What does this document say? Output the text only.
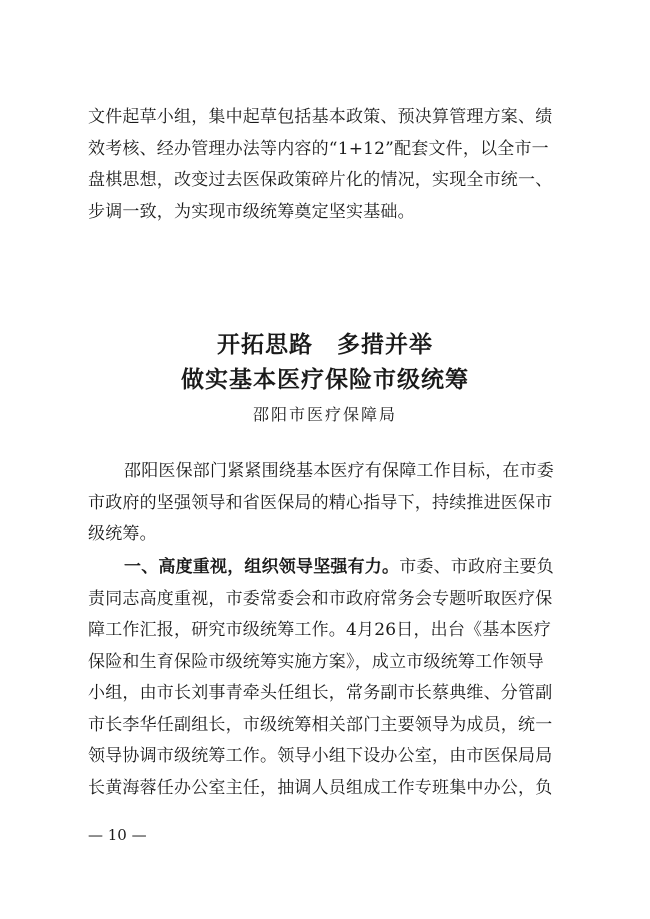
文件起草小组，集中起草包括基本政策、预决算管理方案、绩
效考核、经办管理办法等内容的“1+12”配套文件，以全市一
盘棋思想，改变过去医保政策碎片化的情况，实现全市统一、
步调一致，为实现市级统筹奠定坚实基础。

开拓思路　多措并举

做实基本医疗保险市级统筹

邵阳市医疗保障局

邵阳医保部门紧紧围绕基本医疗有保障工作目标，在市委
市政府的坚强领导和省医保局的精心指导下，持续推进医保市
级统筹。
一、高度重视，组织领导坚强有力。市委、市政府主要负
责同志高度重视，市委常委会和市政府常务会专题听取医疗保
障工作汇报，研究市级统筹工作。4月26日，出台《基本医疗
保险和生育保险市级统筹实施方案》，成立市级统筹工作领导
小组，由市长刘事青牵头任组长，常务副市长蔡典维、分管副
市长李华任副组长，市级统筹相关部门主要领导为成员，统一
领导协调市级统筹工作。领导小组下设办公室，由市医保局局
长黄海蓉任办公室主任，抽调人员组成工作专班集中办公，负

— 10 —
